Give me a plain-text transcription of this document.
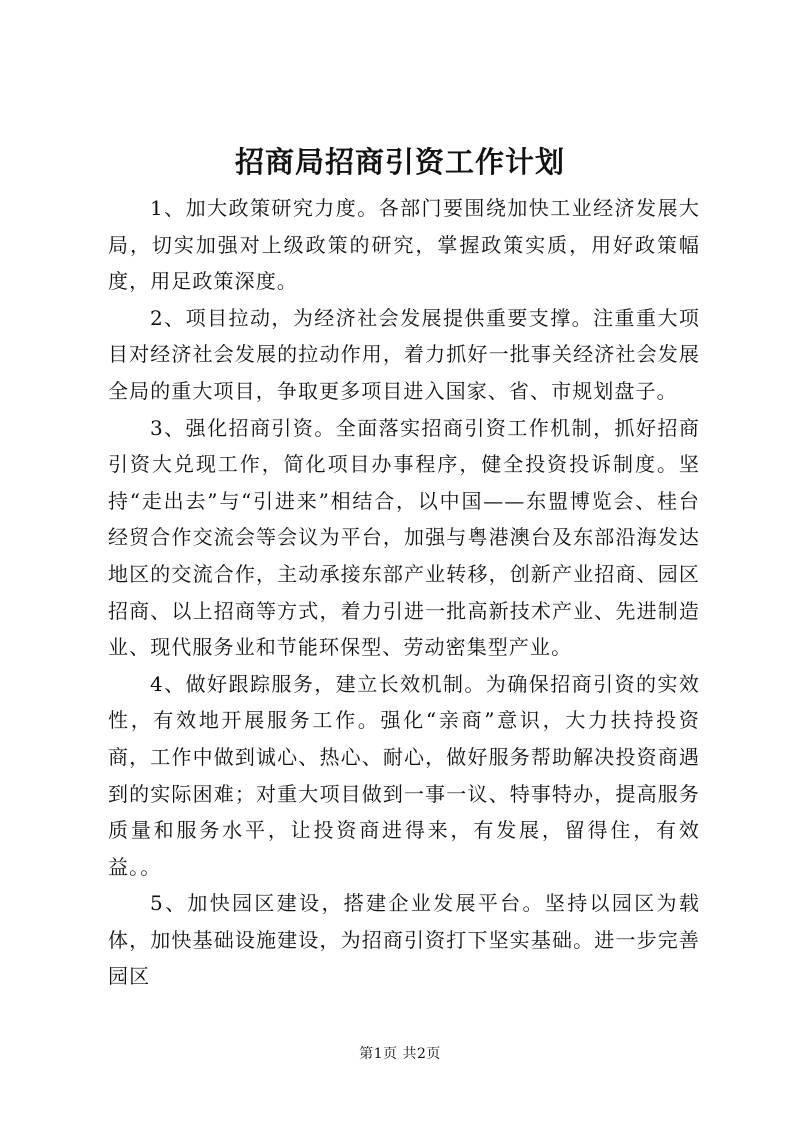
招商局招商引资工作计划

1、加大政策研究力度。各部门要围绕加快工业经济发展大局，切实加强对上级政策的研究，掌握政策实质，用好政策幅度，用足政策深度。

2、项目拉动，为经济社会发展提供重要支撑。注重重大项目对经济社会发展的拉动作用，着力抓好一批事关经济社会发展全局的重大项目，争取更多项目进入国家、省、市规划盘子。

3、强化招商引资。全面落实招商引资工作机制，抓好招商引资大兑现工作，简化项目办事程序，健全投资投诉制度。坚持“走出去”与“引进来”相结合，以中国——东盟博览会、桂台经贸合作交流会等会议为平台，加强与粤港澳台及东部沿海发达地区的交流合作，主动承接东部产业转移，创新产业招商、园区招商、以上招商等方式，着力引进一批高新技术产业、先进制造业、现代服务业和节能环保型、劳动密集型产业。

4、做好跟踪服务，建立长效机制。为确保招商引资的实效性，有效地开展服务工作。强化“亲商”意识，大力扶持投资商，工作中做到诚心、热心、耐心，做好服务帮助解决投资商遇到的实际困难；对重大项目做到一事一议、特事特办，提高服务质量和服务水平，让投资商进得来，有发展，留得住，有效益。。

5、加快园区建设，搭建企业发展平台。坚持以园区为载体，加快基础设施建设，为招商引资打下坚实基础。进一步完善园区

第1页 共2页
